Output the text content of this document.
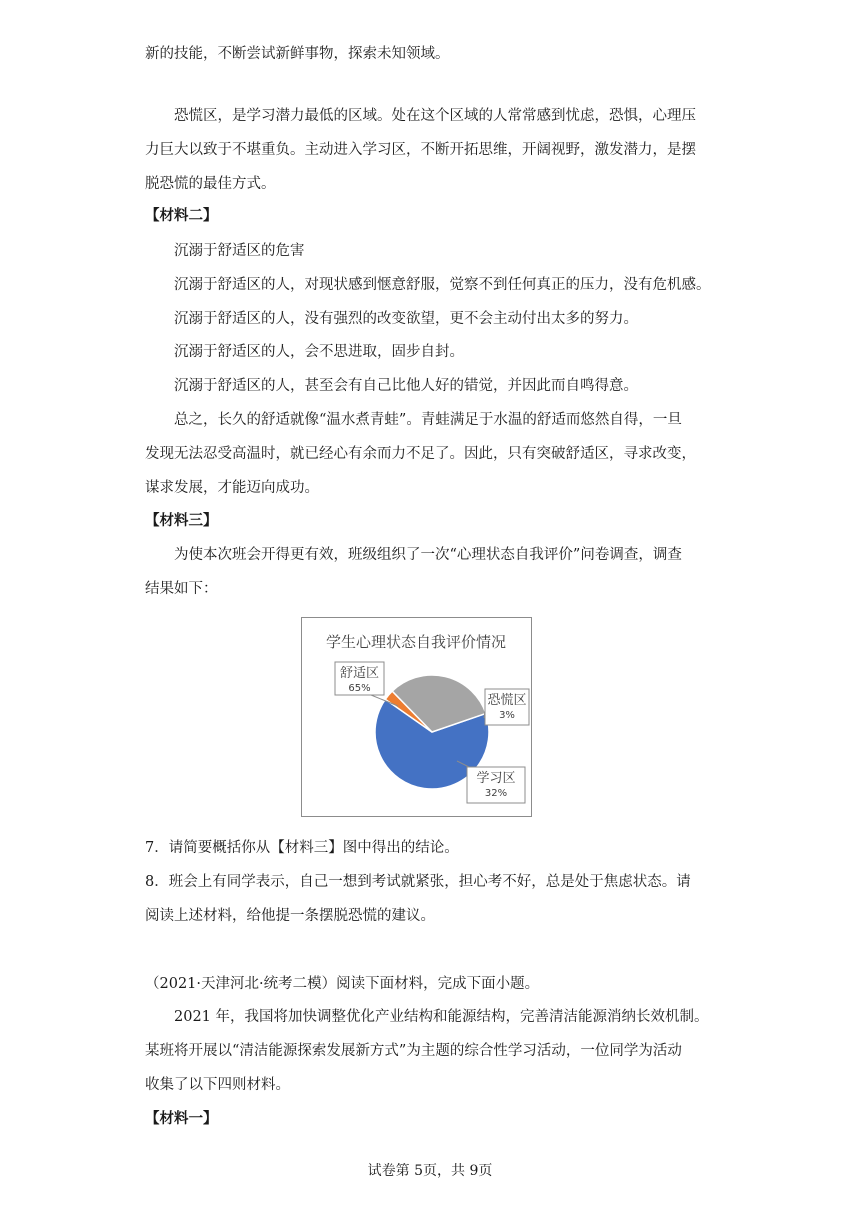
新的技能，不断尝试新鲜事物，探索未知领域。
恐慌区，是学习潜力最低的区域。处在这个区域的人常常感到忧虑，恐惧，心理压
力巨大以致于不堪重负。主动进入学习区，不断开拓思维，开阔视野，激发潜力，是摆
脱恐慌的最佳方式。
【材料二】
沉溺于舒适区的危害
沉溺于舒适区的人，对现状感到惬意舒服，觉察不到任何真正的压力，没有危机感。
沉溺于舒适区的人，没有强烈的改变欲望，更不会主动付出太多的努力。
沉溺于舒适区的人，会不思进取，固步自封。
沉溺于舒适区的人，甚至会有自己比他人好的错觉，并因此而自鸣得意。
总之，长久的舒适就像“温水煮青蛙”。青蛙满足于水温的舒适而悠然自得，一旦
发现无法忍受高温时，就已经心有余而力不足了。因此，只有突破舒适区，寻求改变，
谋求发展，才能迈向成功。
【材料三】
为使本次班会开得更有效，班级组织了一次“心理状态自我评价”问卷调查，调查
结果如下：
学生心理状态自我评价情况
舒适区
65%
恐慌区
3%
学习区
32%
7．请简要概括你从【材料三】图中得出的结论。
8．班会上有同学表示，自己一想到考试就紧张，担心考不好，总是处于焦虑状态。请
阅读上述材料，给他提一条摆脱恐慌的建议。
（2021·天津河北·统考二模）阅读下面材料，完成下面小题。
2021 年，我国将加快调整优化产业结构和能源结构，完善清洁能源消纳长效机制。
某班将开展以“清洁能源探索发展新方式”为主题的综合性学习活动，一位同学为活动
收集了以下四则材料。
【材料一】
试卷第 5页，共 9页
